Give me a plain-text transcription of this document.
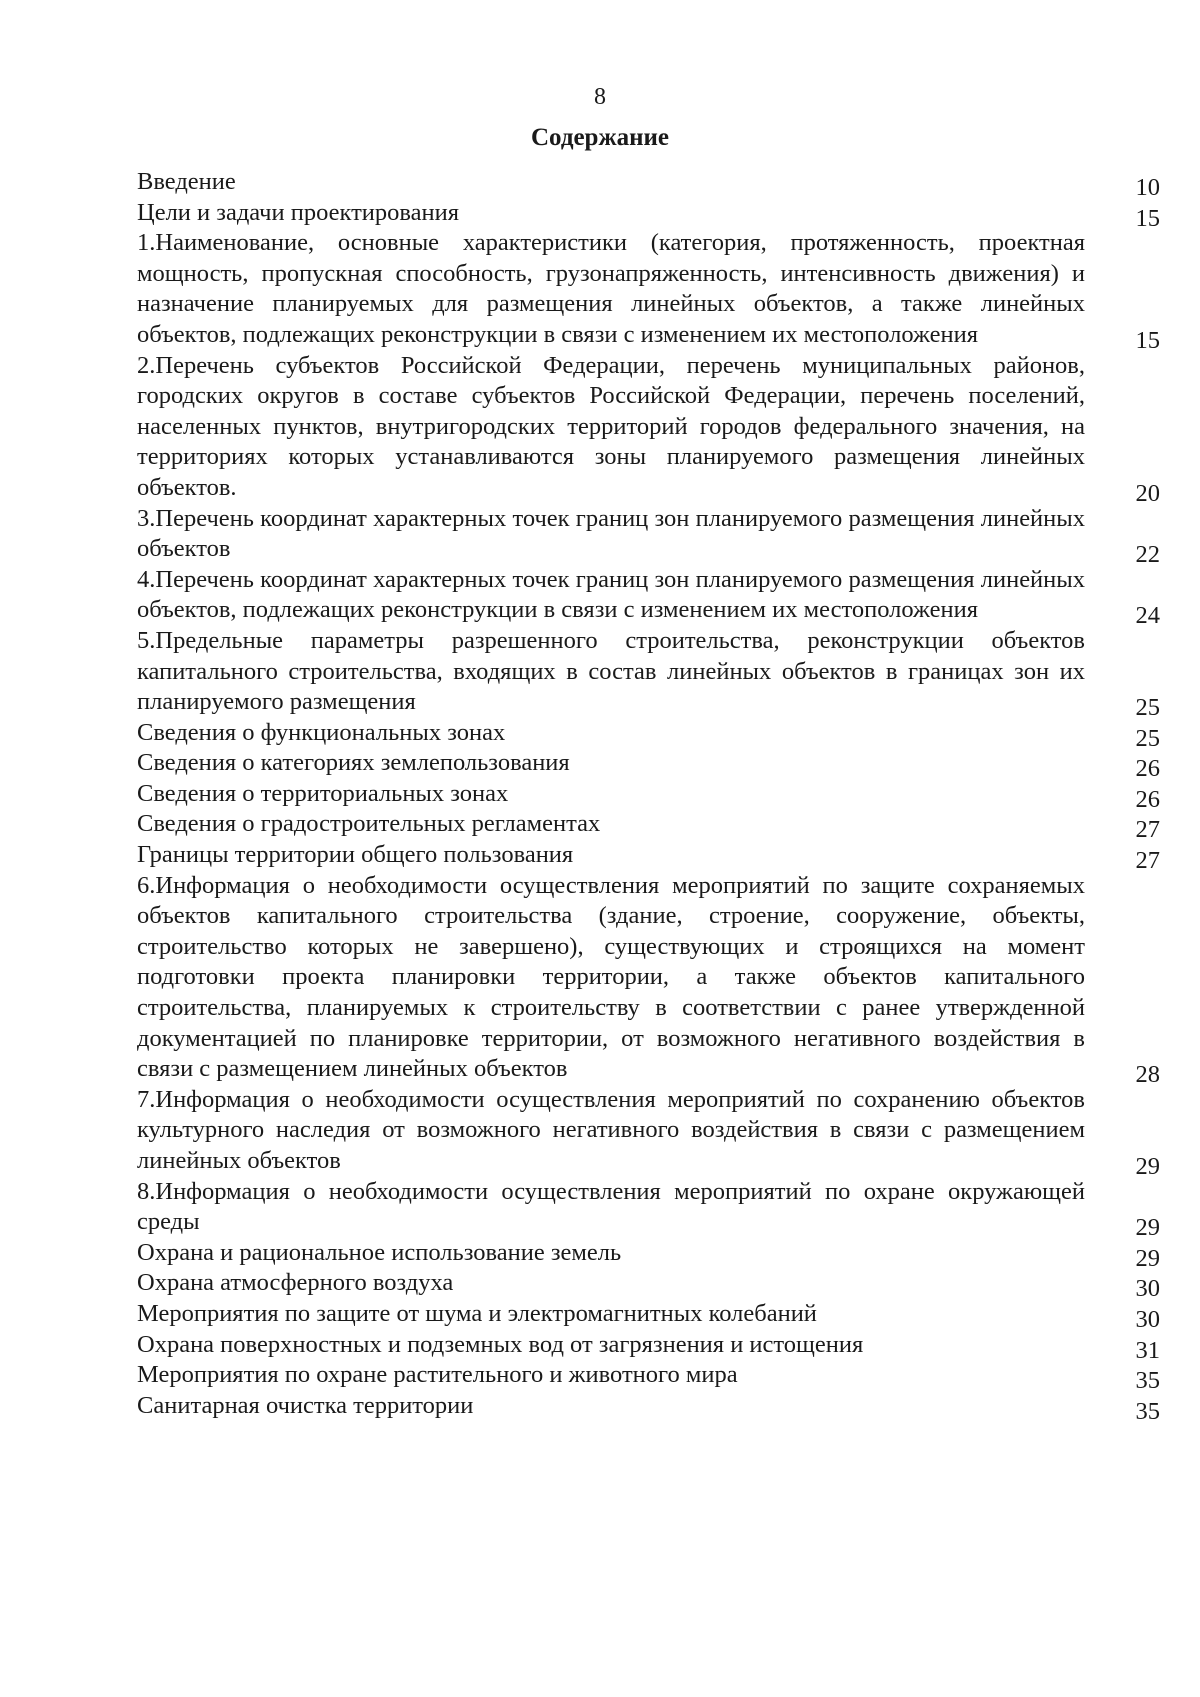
8
Содержание
Введение	10
Цели и задачи проектирования	15
1.Наименование, основные характеристики (категория, протяженность, проектная мощность, пропускная способность, грузонапряженность, интенсивность движения) и назначение планируемых для размещения линейных объектов, а также линейных объектов, подлежащих реконструкции в связи с изменением их местоположения	15
2.Перечень субъектов Российской Федерации, перечень муниципальных районов, городских округов в составе субъектов Российской Федерации, перечень поселений, населенных пунктов, внутригородских территорий городов федерального значения, на территориях которых устанавливаются зоны планируемого размещения линейных объектов.	20
3.Перечень координат характерных точек границ зон планируемого размещения линейных объектов	22
4.Перечень координат характерных точек границ зон планируемого размещения линейных объектов, подлежащих реконструкции в связи с изменением их местоположения	24
5.Предельные параметры разрешенного строительства, реконструкции объектов капитального строительства, входящих в состав линейных объектов в границах зон их планируемого размещения	25
Сведения о функциональных зонах	25
Сведения о категориях землепользования	26
Сведения о территориальных зонах	26
Сведения о градостроительных регламентах	27
Границы территории общего пользования	27
6.Информация о необходимости осуществления мероприятий по защите сохраняемых объектов капитального строительства (здание, строение, сооружение, объекты, строительство которых не завершено), существующих и строящихся на момент подготовки проекта планировки территории, а также объектов капитального строительства, планируемых к строительству в соответствии с ранее утвержденной документацией по планировке территории, от возможного негативного воздействия в связи с размещением линейных объектов	28
7.Информация о необходимости осуществления мероприятий по сохранению объектов культурного наследия от возможного негативного воздействия в связи с размещением линейных объектов	29
8.Информация о необходимости осуществления мероприятий по охране окружающей среды	29
Охрана и рациональное использование земель	29
Охрана атмосферного воздуха	30
Мероприятия по защите от шума и электромагнитных колебаний	30
Охрана поверхностных и подземных вод от загрязнения и истощения	31
Мероприятия по охране растительного и животного мира	35
Санитарная очистка территории	35
